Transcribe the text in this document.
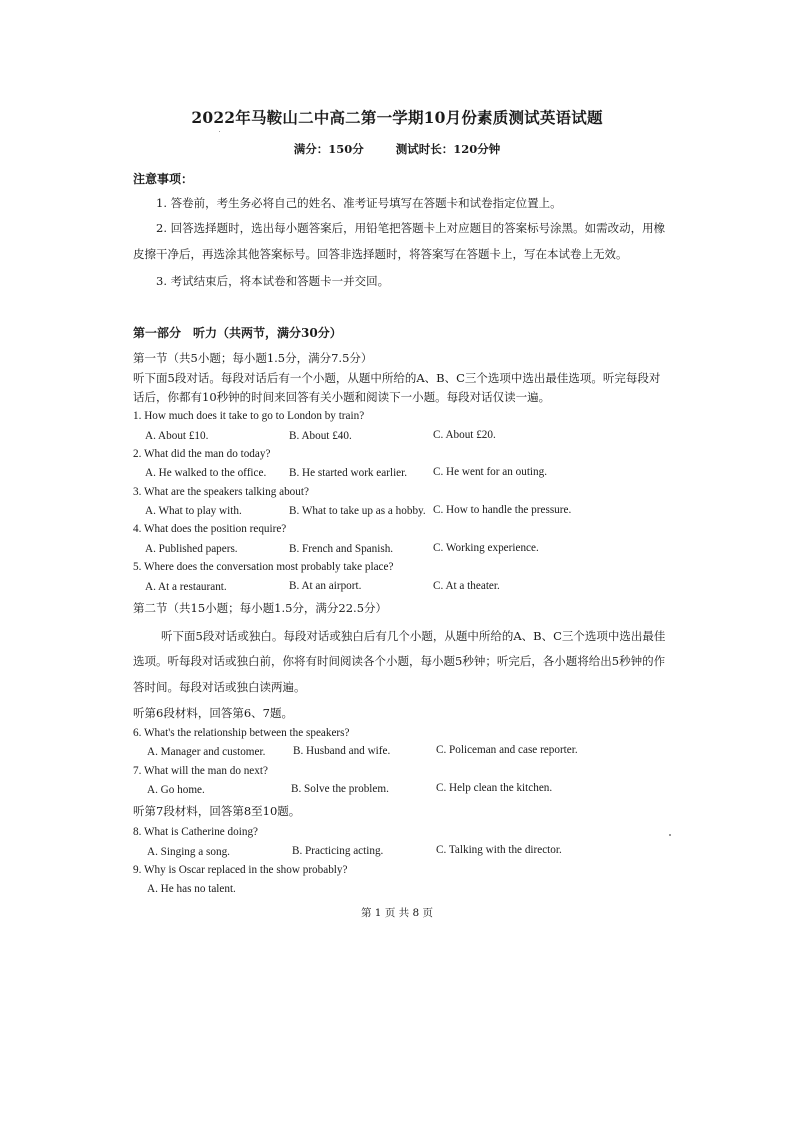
2022年马鞍山二中高二第一学期10月份素质测试英语试题
满分：150分	测试时长：120分钟
注意事项：
1. 答卷前，考生务必将自己的姓名、准考证号填写在答题卡和试卷指定位置上。
2. 回答选择题时，选出每小题答案后，用铅笔把答题卡上对应题目的答案标号涂黑。如需改动，用橡
皮擦干净后，再选涂其他答案标号。回答非选择题时，将答案写在答题卡上，写在本试卷上无效。
3. 考试结束后，将本试卷和答题卡一并交回。
第一部分　听力（共两节，满分30分）
第一节（共5小题；每小题1.5分，满分7.5分）
听下面5段对话。每段对话后有一个小题，从题中所给的A、B、C三个选项中选出最佳选项。听完每段对
话后，你都有10秒钟的时间来回答有关小题和阅读下一小题。每段对话仅读一遍。
1. How much does it take to go to London by train?
A. About £10.	B. About £40.	C. About £20.
2. What did the man do today?
A. He walked to the office. B. He started work earlier. C. He went for an outing.
3. What are the speakers talking about?
A. What to play with.	B. What to take up as a hobby. C. How to handle the pressure.
4. What does the position require?
A. Published papers.	B. French and Spanish.	C. Working experience.
5. Where does the conversation most probably take place?
A. At a restaurant.	B. At an airport.	C. At a theater.
第二节（共15小题；每小题1.5分，满分22.5分）
听下面5段对话或独白。每段对话或独白后有几个小题，从题中所给的A、B、C三个选项中选出最佳
选项。听每段对话或独白前，你将有时间阅读各个小题，每小题5秒钟；听完后，各小题将给出5秒钟的作
答时间。每段对话或独白读两遍。
听第6段材料，回答第6、7题。
6. What's the relationship between the speakers?
A. Manager and customer. B. Husband and wife.	C. Policeman and case reporter.
7. What will the man do next?
A. Go home.	B. Solve the problem.	C. Help clean the kitchen.
听第7段材料，回答第8至10题。
8. What is Catherine doing?
A. Singing a song.	B. Practicing acting.	C. Talking with the director.
9. Why is Oscar replaced in the show probably?
A. He has no talent.
第 1 页 共 8 页
